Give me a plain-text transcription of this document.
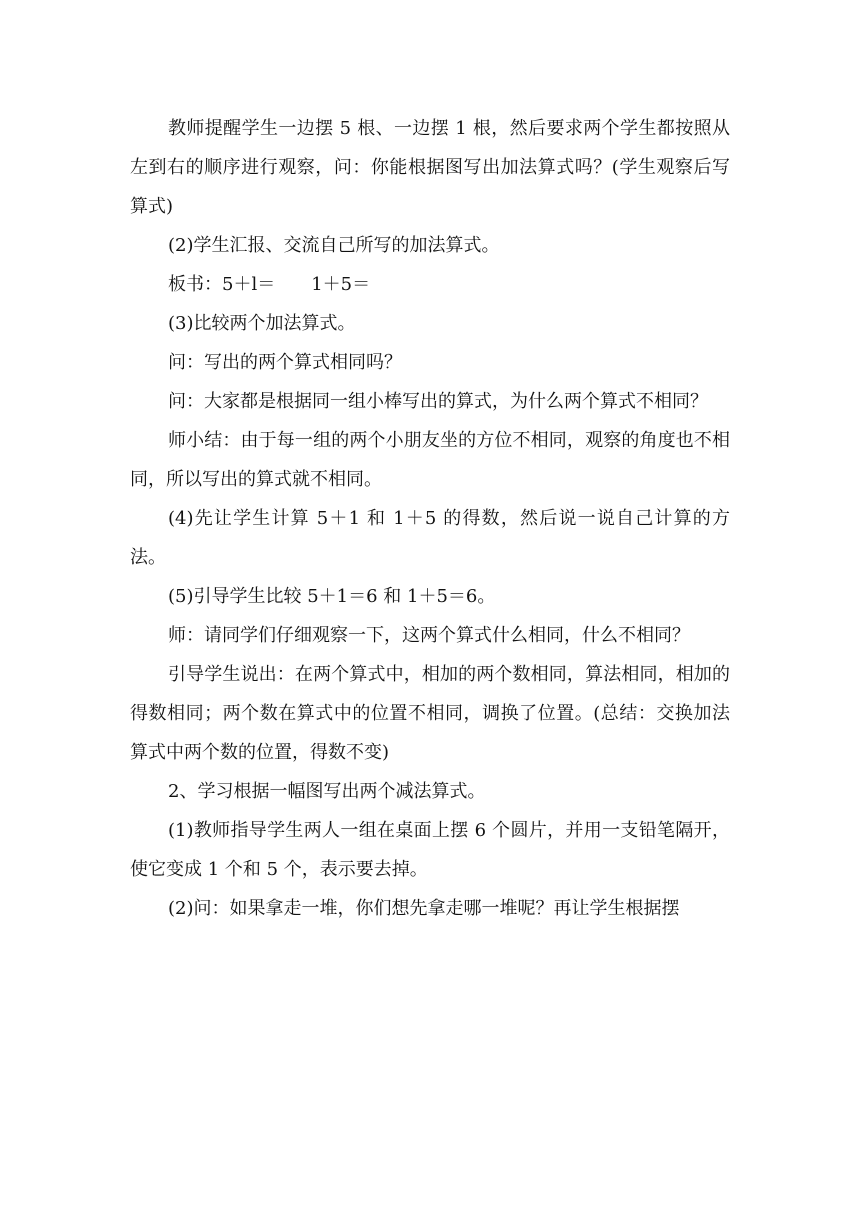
教师提醒学生一边摆 5 根、一边摆 1 根，然后要求两个学生都按照从左到右的顺序进行观察，问：你能根据图写出加法算式吗？(学生观察后写算式)

(2)学生汇报、交流自己所写的加法算式。

板书：5＋l＝　　1＋5＝

(3)比较两个加法算式。

问：写出的两个算式相同吗？

问：大家都是根据同一组小棒写出的算式，为什么两个算式不相同？

师小结：由于每一组的两个小朋友坐的方位不相同，观察的角度也不相同，所以写出的算式就不相同。

(4)先让学生计算 5＋1 和 1＋5 的得数，然后说一说自己计算的方法。

(5)引导学生比较 5＋1＝6 和 1＋5＝6。

师：请同学们仔细观察一下，这两个算式什么相同，什么不相同？

引导学生说出：在两个算式中，相加的两个数相同，算法相同，相加的得数相同；两个数在算式中的位置不相同，调换了位置。(总结：交换加法算式中两个数的位置，得数不变)

2、学习根据一幅图写出两个减法算式。

(1)教师指导学生两人一组在桌面上摆 6 个圆片，并用一支铅笔隔开，使它变成 1 个和 5 个，表示要去掉。

(2)问：如果拿走一堆，你们想先拿走哪一堆呢？再让学生根据摆
